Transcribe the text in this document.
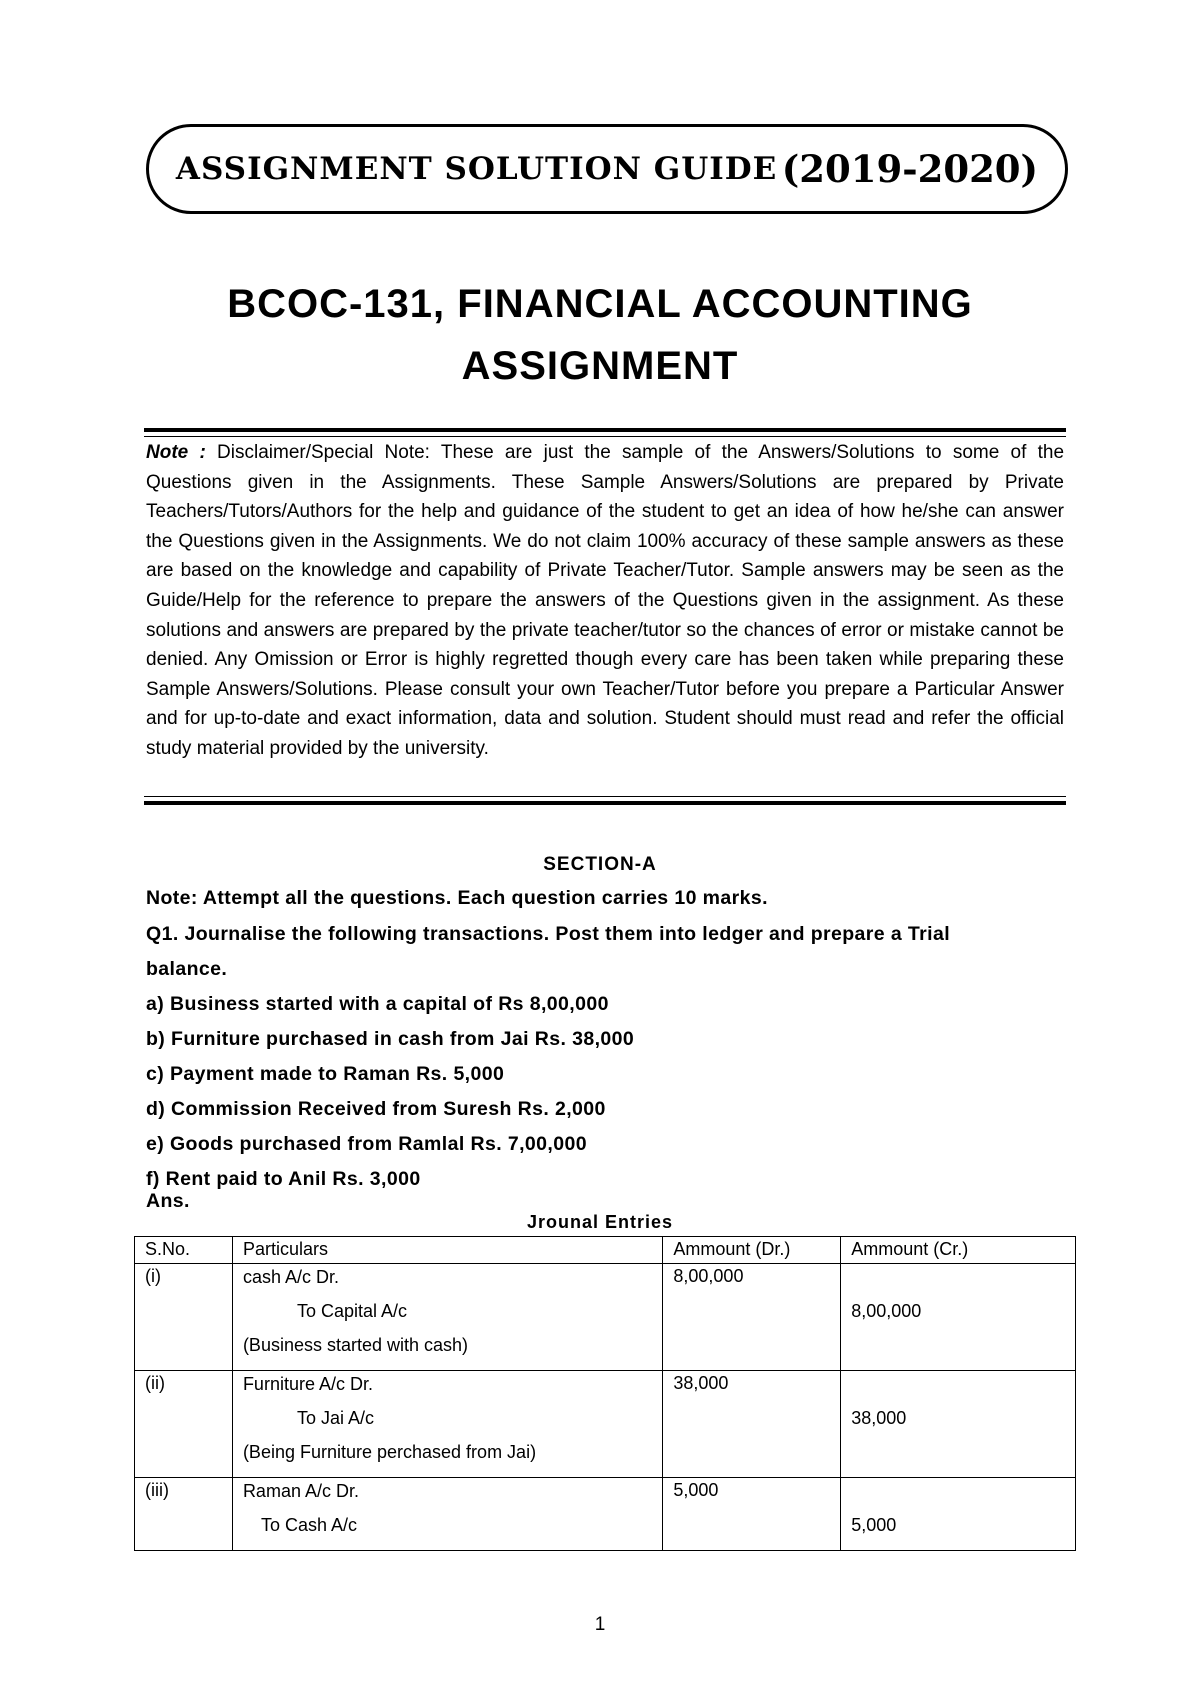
ASSIGNMENT SOLUTION GUIDE
(2019-2020)
BCOC-131, FINANCIAL ACCOUNTING
ASSIGNMENT

Note : Disclaimer/Special Note: These are just the sample of the Answers/Solutions to some of the Questions given in the Assignments. These Sample Answers/Solutions are prepared by Private Teachers/Tutors/Authors for the help and guidance of the student to get an idea of how he/she can answer the Questions given in the Assignments. We do not claim 100% accuracy of these sample answers as these are based on the knowledge and capability of Private Teacher/Tutor. Sample answers may be seen as the Guide/Help for the reference to prepare the answers of the Questions given in the assignment. As these solutions and answers are prepared by the private teacher/tutor so the chances of error or mistake cannot be denied. Any Omission or Error is highly regretted though every care has been taken while preparing these Sample Answers/Solutions. Please consult your own Teacher/Tutor before you prepare a Particular Answer and for up-to-date and exact information, data and solution. Student should must read and refer the official study material provided by the university.

SECTION-A

Note: Attempt all the questions. Each question carries 10 marks.

Q1. Journalise the following transactions. Post them into ledger and prepare a Trial

balance.

a) Business started with a capital of Rs 8,00,000

b) Furniture purchased in cash from Jai Rs. 38,000

c) Payment made to Raman Rs. 5,000

d) Commission Received from Suresh Rs. 2,000

e) Goods purchased from Ramlal Rs. 7,00,000

f) Rent paid to Anil Rs. 3,000

Ans.

Jrounal Entries
S.No.	Particulars	Ammount (Dr.)	Ammount (Cr.)
(i)	cash A/c Dr.
To Capital A/c
(Business started with cash)	8,00,000	8,00,000

(ii)	Furniture A/c Dr.
To Jai A/c
(Being Furniture perchased from Jai)	38,000	38,000

(iii)	Raman A/c Dr.
To Cash A/c	5,000	5,000
1
